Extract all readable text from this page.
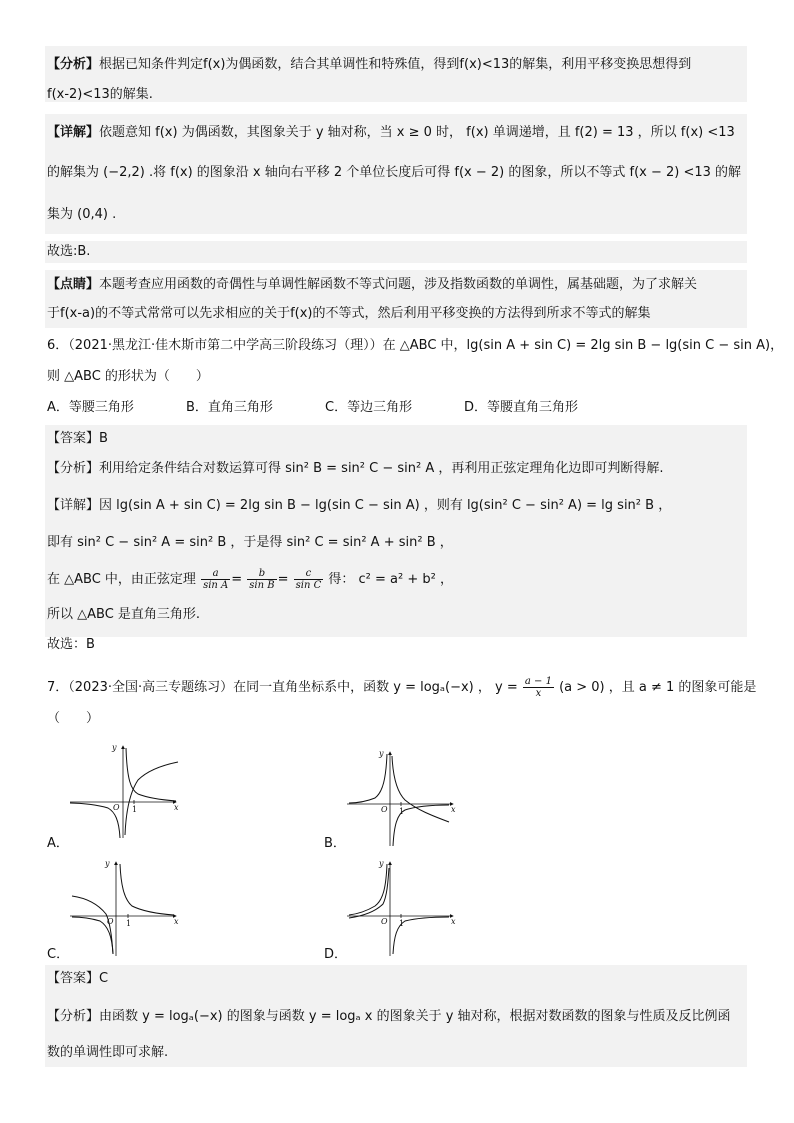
【分析】根据已知条件判定f(x)为偶函数，结合其单调性和特殊值，得到f(x)<13的解集，利用平移变换思想得到
f(x-2)<13的解集.
【详解】依题意知 f(x) 为偶函数，其图象关于 y 轴对称，当 x ≥ 0 时， f(x) 单调递增，且 f(2) = 13 ，所以 f(x) <13
的解集为 (−2,2) .将 f(x) 的图象沿 x 轴向右平移 2 个单位长度后可得 f(x − 2) 的图象，所以不等式 f(x − 2) <13 的解
集为 (0,4) .
故选:B.
【点睛】本题考查应用函数的奇偶性与单调性解函数不等式问题，涉及指数函数的单调性，属基础题，为了求解关
于f(x-a)的不等式常常可以先求相应的关于f(x)的不等式，然后利用平移变换的方法得到所求不等式的解集
6．（2021·黑龙江·佳木斯市第二中学高三阶段练习（理））在 △ABC 中，lg(sin A + sin C) = 2lg sin B − lg(sin C − sin A)，
则 △ABC 的形状为（　　）
A．等腰三角形	B．直角三角形	C．等边三角形	D．等腰直角三角形
【答案】B
【分析】利用给定条件结合对数运算可得 sin² B = sin² C − sin² A ，再利用正弦定理角化边即可判断得解.
【详解】因 lg(sin A + sin C) = 2lg sin B − lg(sin C − sin A) ，则有 lg(sin² C − sin² A) = lg sin² B ，
即有 sin² C − sin² A = sin² B ，于是得 sin² C = sin² A + sin² B ，
在 △ABC 中，由正弦定理 $\frac{a}{\text{sin A}} = \frac{b}{\text{sin B}} = \frac{c}{\text{sin C}}$ 得： c² = a² + b² ，
所以 △ABC 是直角三角形.
故选：B
7．（2023·全国·高三专题练习）在同一直角坐标系中，函数 y = logₐ(−x) ， $y = \frac{a - 1}{x} (a > 0)$ ，且 a ≠ 1 的图象可能是
（　　）
y
x
O 1
A．
y
x
O 1
B．
y
x
O 1
C．
y
x
O 1
D．
【答案】C
【分析】由函数 y = logₐ(−x) 的图象与函数 y = logₐ x 的图象关于 y 轴对称，根据对数函数的图象与性质及反比例函
数的单调性即可求解.
